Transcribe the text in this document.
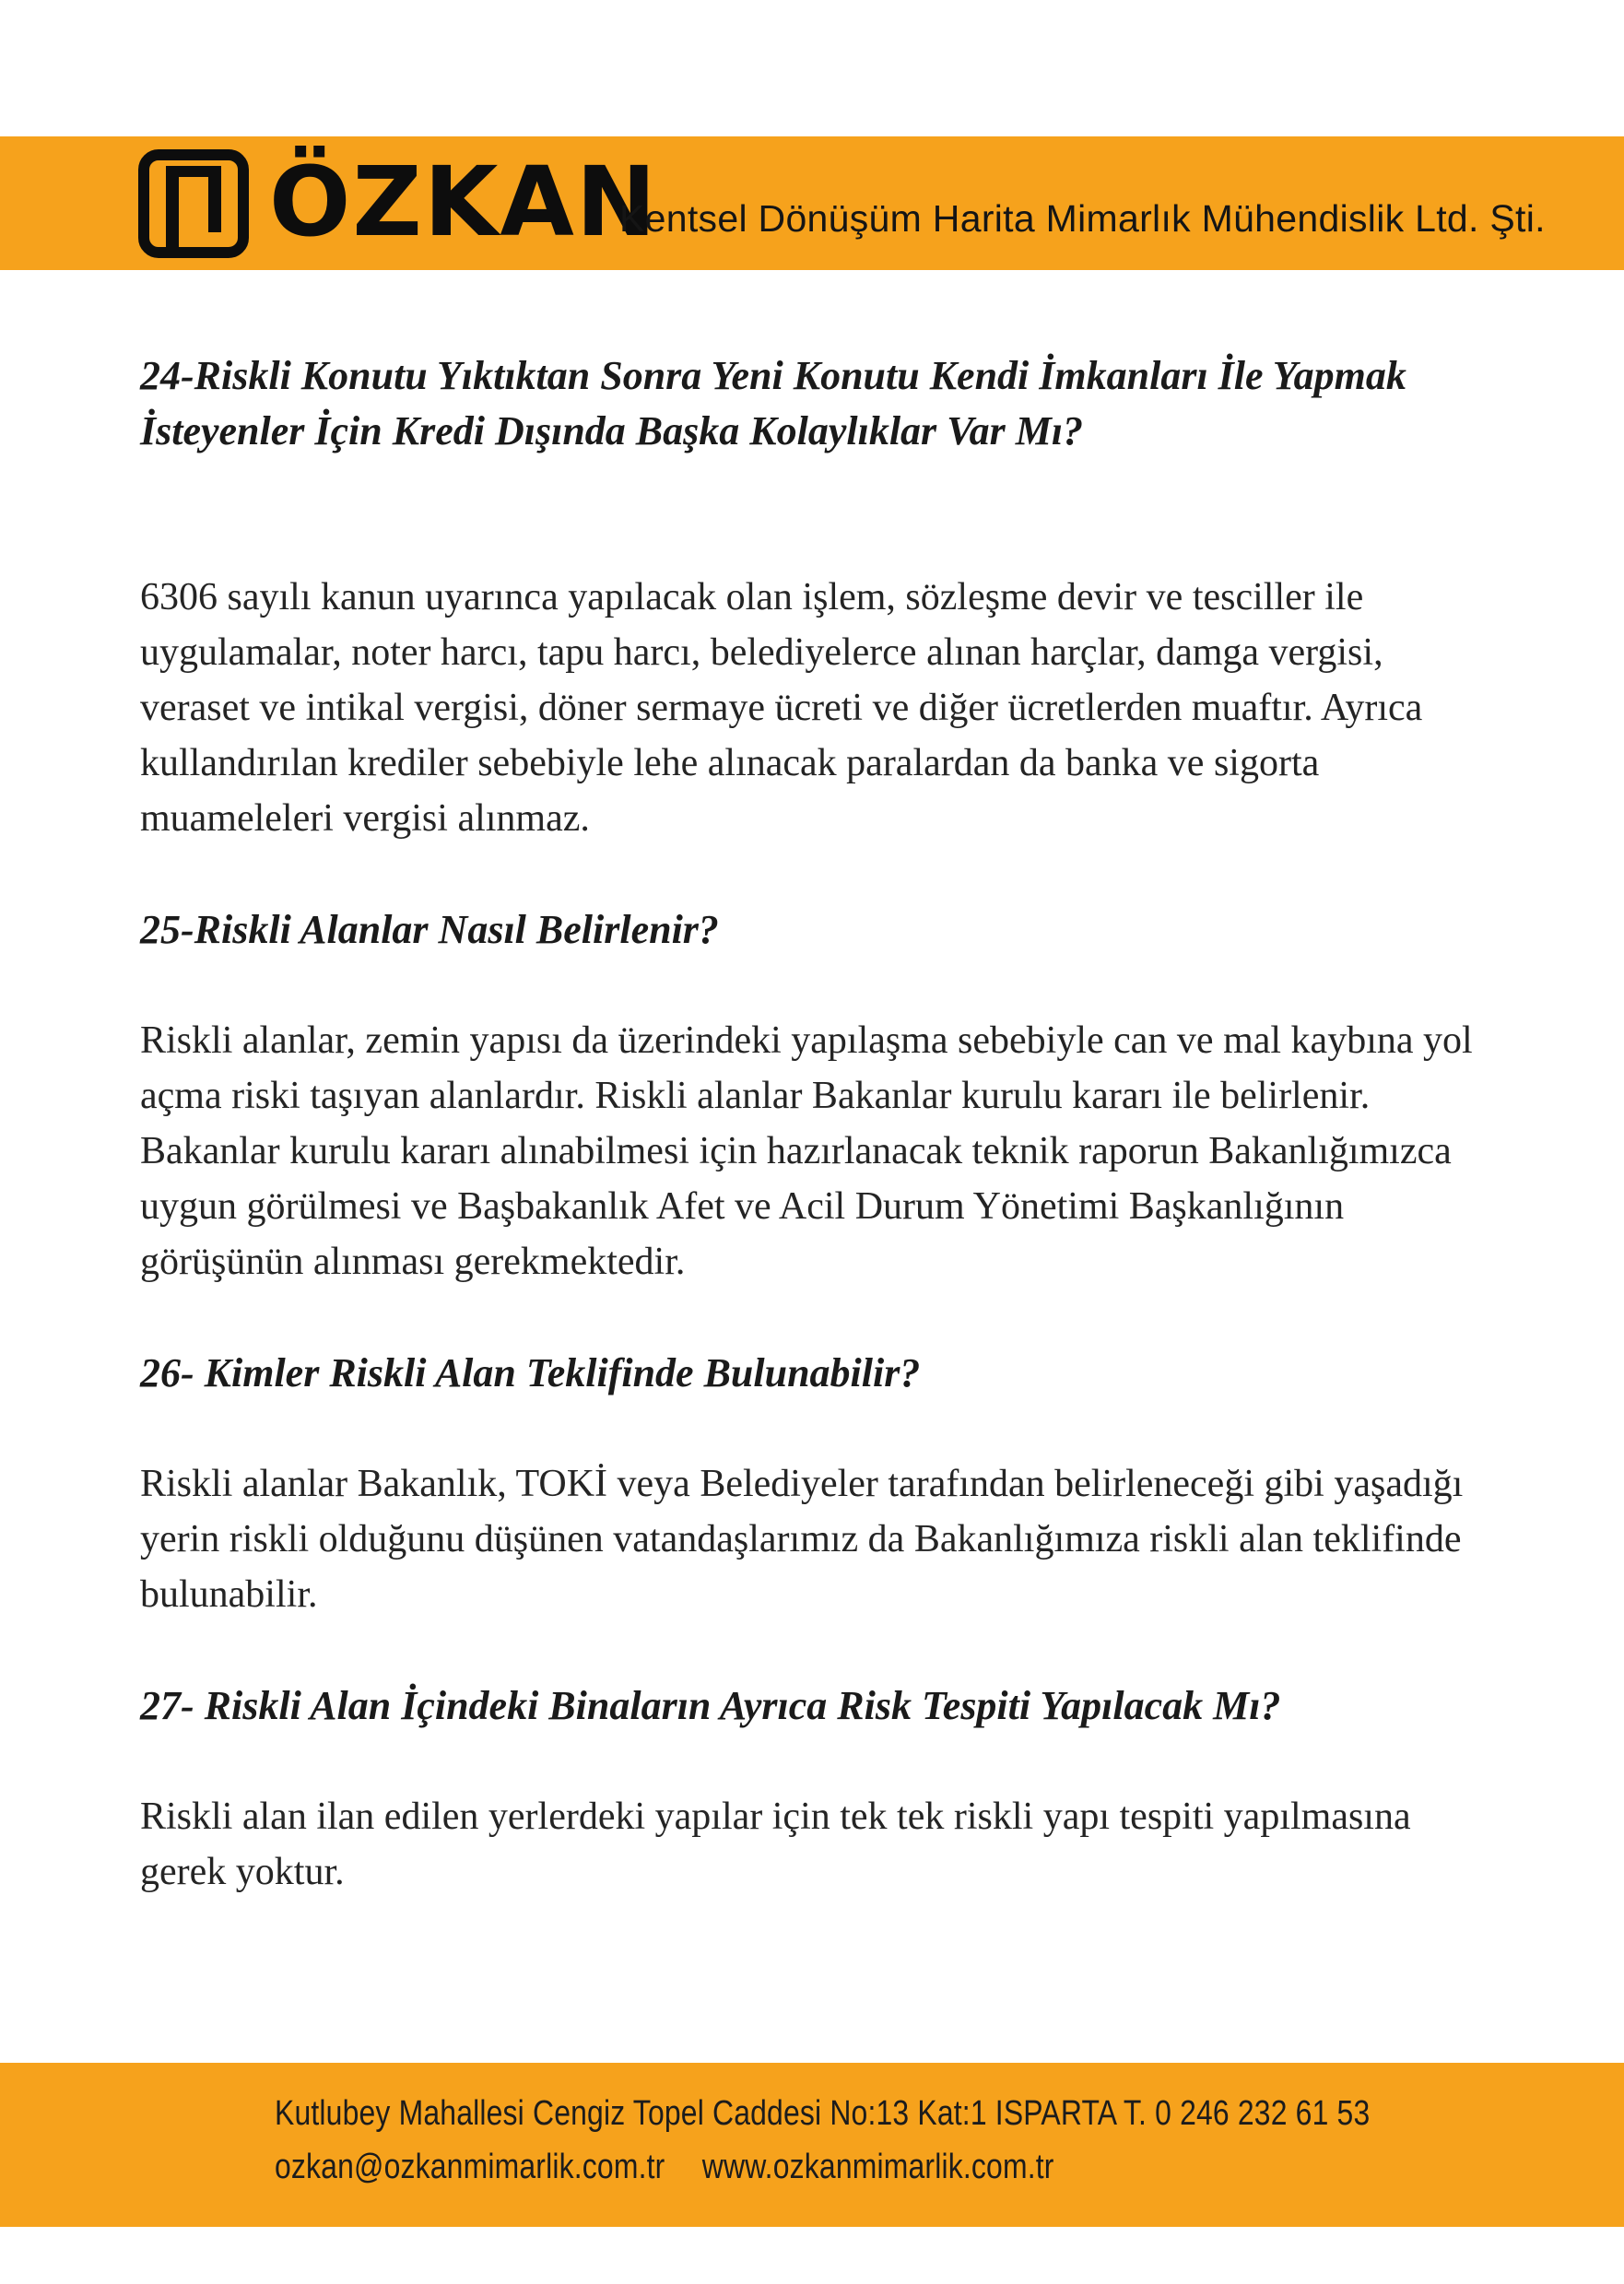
ÖZKAN
Kentsel Dönüşüm Harita Mimarlık Mühendislik Ltd. Şti.
24-Riskli Konutu Yıktıktan Sonra Yeni Konutu Kendi İmkanları İle Yapmak İsteyenler İçin Kredi Dışında Başka Kolaylıklar Var Mı?

6306 sayılı kanun uyarınca yapılacak olan işlem, sözleşme devir ve tesciller ile uygulamalar, noter harcı, tapu harcı, belediyelerce alınan harçlar, damga vergisi, veraset ve intikal vergisi, döner sermaye ücreti ve diğer ücretlerden muaftır. Ayrıca kullandırılan krediler sebebiyle lehe alınacak paralardan da banka ve sigorta muameleleri vergisi alınmaz.

25-Riskli Alanlar Nasıl Belirlenir?

Riskli alanlar, zemin yapısı da üzerindeki yapılaşma sebebiyle can ve mal kaybına yol açma riski taşıyan alanlardır. Riskli alanlar Bakanlar kurulu kararı ile belirlenir. Bakanlar kurulu kararı alınabilmesi için hazırlanacak teknik raporun Bakanlığımızca uygun görülmesi ve Başbakanlık Afet ve Acil Durum Yönetimi Başkanlığının görüşünün alınması gerekmektedir.

26- Kimler Riskli Alan Teklifinde Bulunabilir?

Riskli alanlar Bakanlık, TOKİ veya Belediyeler tarafından belirleneceği gibi yaşadığı yerin riskli olduğunu düşünen vatandaşlarımız da Bakanlığımıza riskli alan teklifinde bulunabilir.

27- Riskli Alan İçindeki Binaların Ayrıca Risk Tespiti Yapılacak Mı?

Riskli alan ilan edilen yerlerdeki yapılar için tek tek riskli yapı tespiti yapılmasına gerek yoktur.

Kutlubey Mahallesi Cengiz Topel Caddesi No:13 Kat:1 ISPARTA T. 0 246 232 61 53
ozkan@ozkanmimarlik.com.tr www.ozkanmimarlik.com.tr
